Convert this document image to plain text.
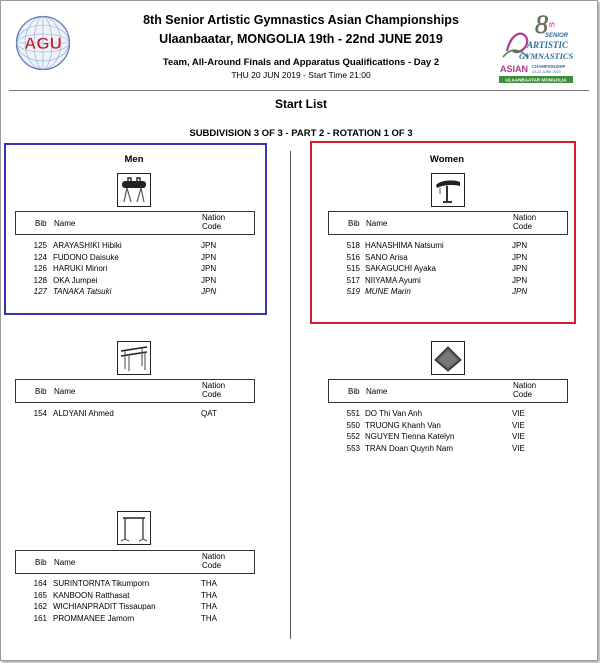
AGU
8 th
SENIOR
ARTISTIC
GYMNASTICS
ASIAN CHAMPIONSHIP
19-22 JUNE 2019
ULAANBAATAR MONGOLIA
8th Senior Artistic Gymnastics Asian Championships
Ulaanbaatar, MONGOLIA 19th - 22nd JUNE 2019
Team, All-Around Finals and Apparatus Qualifications - Day 2
THU 20 JUN 2019 - Start Time 21:00
Start List
SUBDIVISION 3 OF 3 - PART 2 - ROTATION 1 OF 3
Men
Bib Name
Nation
Code
125 ARAYASHIKI Hibiki	JPN
124 FUDONO Daisuke	JPN
126 HARUKI Minori	JPN
128 OKA Jumpei	JPN
127 TANAKA Tatsuki	JPN
Bib Name
Nation
Code
154 ALDYANI Ahmed	QAT
Bib Name
Nation
Code
164 SURINTORNTA Tikumporn	THA
165 KANBOON Ratthasat	THA
162 WICHIANPRADIT Tissaupan	THA
161 PROMMANEE Jamorn	THA
Women
Bib Name
Nation
Code
518 HANASHIMA Natsumi	JPN
516 SANO Arisa	JPN
515 SAKAGUCHI Ayaka	JPN
517 NIIYAMA Ayumi	JPN
519 MUNE Marin	JPN
Bib Name
Nation
Code
551 DO Thi Van Anh	VIE
550 TRUONG Khanh Van	VIE
552 NGUYEN Tienna Katelyn	VIE
553 TRAN Doan Quynh Nam	VIE
